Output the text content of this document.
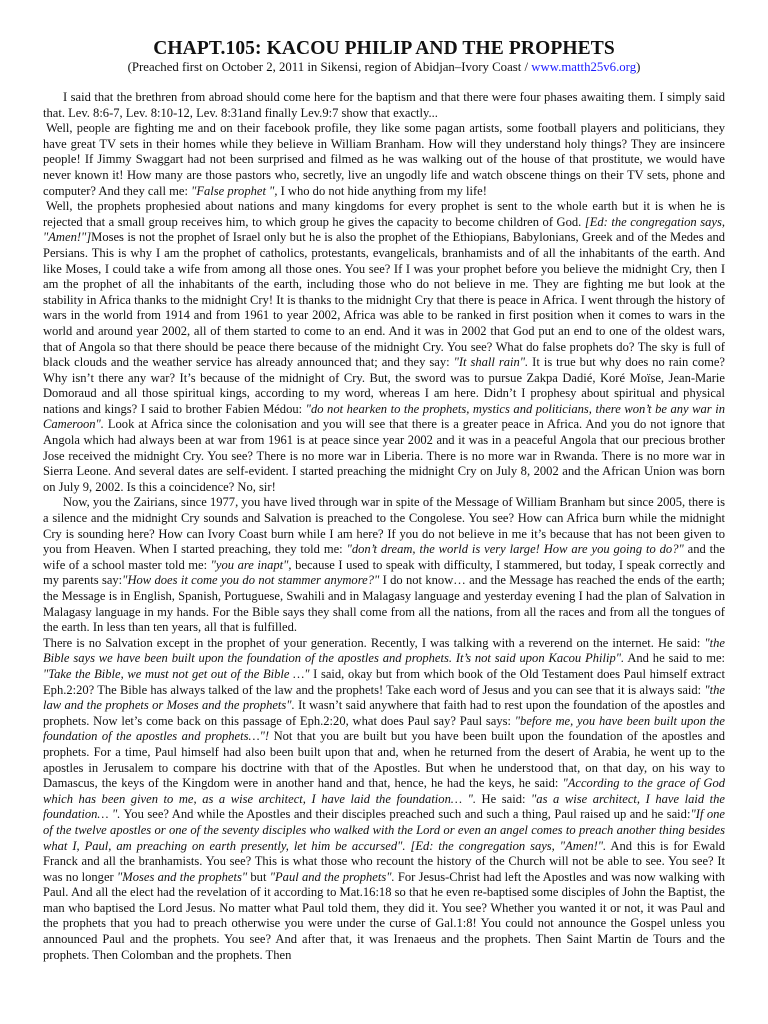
CHAPT.105: KACOU PHILIP AND THE PROPHETS
(Preached first on October 2, 2011 in Sikensi, region of Abidjan–Ivory Coast / www.matth25v6.org)

I said that the brethren from abroad should come here for the baptism and that there were four phases awaiting them. I simply said that. Lev. 8:6-7, Lev. 8:10-12, Lev. 8:31and finally Lev.9:7 show that exactly...

Well, people are fighting me and on their facebook profile, they like some pagan artists, some football players and politicians, they have great TV sets in their homes while they believe in William Branham. How will they understand holy things? They are insincere people! If Jimmy Swaggart had not been surprised and filmed as he was walking out of the house of that prostitute, we would have never known it! How many are those pastors who, secretly, live an ungodly life and watch obscene things on their TV sets, phone and computer? And they call me: "False prophet ", I who do not hide anything from my life!

Well, the prophets prophesied about nations and many kingdoms for every prophet is sent to the whole earth but it is when he is rejected that a small group receives him, to which group he gives the capacity to become children of God. [Ed: the congregation says, "Amen!"]Moses is not the prophet of Israel only but he is also the prophet of the Ethiopians, Babylonians, Greek and of the Medes and Persians. This is why I am the prophet of catholics, protestants, evangelicals, branhamists and of all the inhabitants of the earth. And like Moses, I could take a wife from among all those ones. You see? If I was your prophet before you believe the midnight Cry, then I am the prophet of all the inhabitants of the earth, including those who do not believe in me. They are fighting me but look at the stability in Africa thanks to the midnight Cry! It is thanks to the midnight Cry that there is peace in Africa. I went through the history of wars in the world from 1914 and from 1961 to year 2002, Africa was able to be ranked in first position when it comes to wars in the world and around year 2002, all of them started to come to an end. And it was in 2002 that God put an end to one of the oldest wars, that of Angola so that there should be peace there because of the midnight Cry. You see? What do false prophets do? The sky is full of black clouds and the weather service has already announced that; and they say: "It shall rain". It is true but why does no rain come? Why isn’t there any war? It’s because of the midnight of Cry. But, the sword was to pursue Zakpa Dadié, Koré Moïse, Jean-Marie Domoraud and all those spiritual kings, according to my word, whereas I am here. Didn’t I prophesy about spiritual and physical nations and kings? I said to brother Fabien Médou: "do not hearken to the prophets, mystics and politicians, there won’t be any war in Cameroon". Look at Africa since the colonisation and you will see that there is a greater peace in Africa. And you do not ignore that Angola which had always been at war from 1961 is at peace since year 2002 and it was in a peaceful Angola that our precious brother Jose received the midnight Cry. You see? There is no more war in Liberia. There is no more war in Rwanda. There is no more war in Sierra Leone. And several dates are self-evident. I started preaching the midnight Cry on July 8, 2002 and the African Union was born on July 9, 2002. Is this a coincidence? No, sir!

Now, you the Zairians, since 1977, you have lived through war in spite of the Message of William Branham but since 2005, there is a silence and the midnight Cry sounds and Salvation is preached to the Congolese. You see? How can Africa burn while the midnight Cry is sounding here? How can Ivory Coast burn while I am here? If you do not believe in me it’s because that has not been given to you from Heaven. When I started preaching, they told me: "don’t dream, the world is very large! How are you going to do?" and the wife of a school master told me: "you are inapt", because I used to speak with difficulty, I stammered, but today, I speak correctly and my parents say:"How does it come you do not stammer anymore?" I do not know… and the Message has reached the ends of the earth; the Message is in English, Spanish, Portuguese, Swahili and in Malagasy language and yesterday evening I had the plan of Salvation in Malagasy language in my hands. For the Bible says they shall come from all the nations, from all the races and from all the tongues of the earth. In less than ten years, all that is fulfilled.

There is no Salvation except in the prophet of your generation. Recently, I was talking with a reverend on the internet. He said: "the Bible says we have been built upon the foundation of the apostles and prophets. It’s not said upon Kacou Philip". And he said to me: "Take the Bible, we must not get out of the Bible …" I said, okay but from which book of the Old Testament does Paul himself extract Eph.2:20? The Bible has always talked of the law and the prophets! Take each word of Jesus and you can see that it is always said: "the law and the prophets or Moses and the prophets". It wasn’t said anywhere that faith had to rest upon the foundation of the apostles and prophets. Now let’s come back on this passage of Eph.2:20, what does Paul say? Paul says: "before me, you have been built upon the foundation of the apostles and prophets…"! Not that you are built but you have been built upon the foundation of the apostles and prophets. For a time, Paul himself had also been built upon that and, when he returned from the desert of Arabia, he went up to the apostles in Jerusalem to compare his doctrine with that of the Apostles. But when he understood that, on that day, on his way to Damascus, the keys of the Kingdom were in another hand and that, hence, he had the keys, he said: "According to the grace of God which has been given to me, as a wise architect, I have laid the foundation… ". He said: "as a wise architect, I have laid the foundation… ". You see? And while the Apostles and their disciples preached such and such a thing, Paul raised up and he said:"If one of the twelve apostles or one of the seventy disciples who walked with the Lord or even an angel comes to preach another thing besides what I, Paul, am preaching on earth presently, let him be accursed". [Ed: the congregation says, "Amen!". And this is for Ewald Franck and all the branhamists. You see? This is what those who recount the history of the Church will not be able to see. You see? It was no longer "Moses and the prophets" but "Paul and the prophets". For Jesus-Christ had left the Apostles and was now walking with Paul. And all the elect had the revelation of it according to Mat.16:18 so that he even re-baptised some disciples of John the Baptist, the man who baptised the Lord Jesus. No matter what Paul told them, they did it. You see? Whether you wanted it or not, it was Paul and the prophets that you had to preach otherwise you were under the curse of Gal.1:8! You could not announce the Gospel unless you announced Paul and the prophets. You see? And after that, it was Irenaeus and the prophets. Then Saint Martin de Tours and the prophets. Then Colomban and the prophets. Then
